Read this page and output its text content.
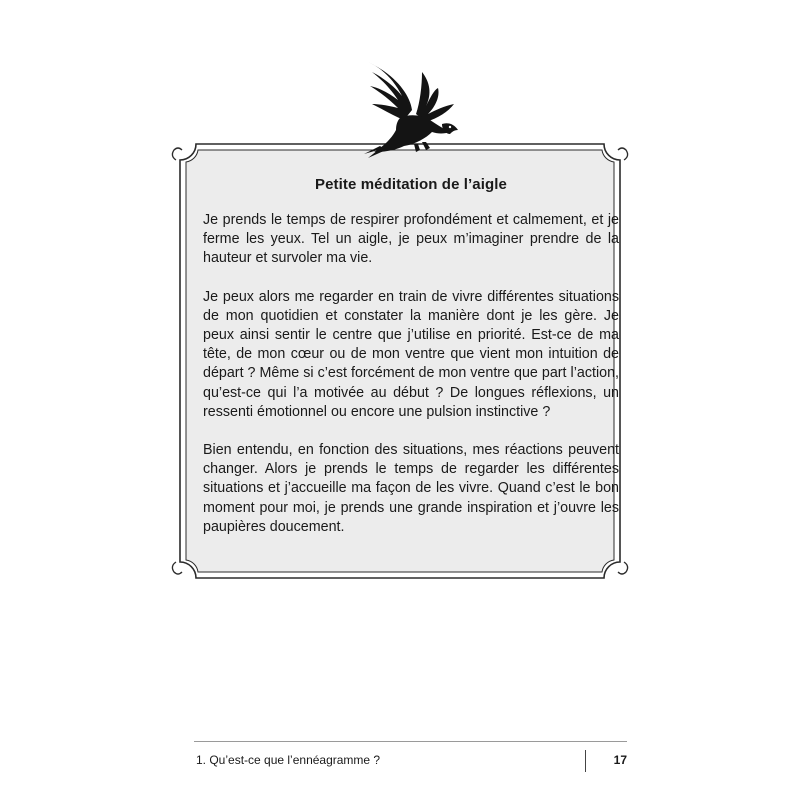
Petite méditation de l’aigle

Je prends le temps de respirer profondément et calmement, et je ferme les yeux. Tel un aigle, je peux m’imaginer prendre de la hauteur et survoler ma vie.

Je peux alors me regarder en train de vivre différentes situations de mon quotidien et constater la manière dont je les gère. Je peux ainsi sentir le centre que j’utilise en priorité. Est-ce de ma tête, de mon cœur ou de mon ventre que vient mon intuition de départ ? Même si c’est forcément de mon ventre que part l’action, qu’est-ce qui l’a motivée au début ? De longues réflexions, un ressenti émotionnel ou encore une pulsion instinctive ?

Bien entendu, en fonction des situations, mes réactions peuvent changer. Alors je prends le temps de regarder les différentes situations et j’accueille ma façon de les vivre. Quand c’est le bon moment pour moi, je prends une grande inspiration et j’ouvre les paupières doucement.

1. Qu’est-ce que l’ennéagramme ?	17
